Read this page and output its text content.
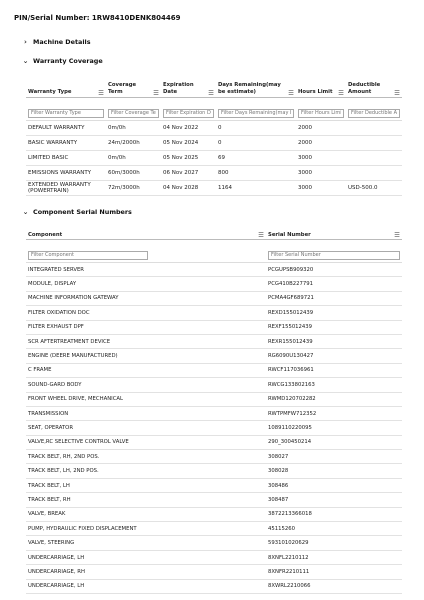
PIN/Serial Number: 1RW8410DENK804469
› Machine Details
⌄ Warranty Coverage
Warranty Type ☰	Coverage Term ☰	Expiration Date ☰	Days Remaining(may be estimate) ☰	Hours Limit ☰	Deductible Amount ☰

Filter Warranty Type	Filter Coverage Term	Filter Expiration Date	Filter Days Remaining(may be estimate)	Filter Hours Limit	Filter Deductible Amount
DEFAULT WARRANTY	0m/0h	04 Nov 2022	0	2000	
BASIC WARRANTY	24m/2000h	05 Nov 2024	0	2000	
LIMITED BASIC	0m/0h	05 Nov 2025	69	3000	
EMISSIONS WARRANTY	60m/3000h	06 Nov 2027	800	3000	
EXTENDED WARRANTY (POWERTRAIN)	72m/3000h	04 Nov 2028	1164	3000	USD-500.0
⌄ Component Serial Numbers
Component ☰	Serial Number ☰

Filter Component	Filter Serial Number
INTEGRATED SERVER	PCGUPSB909320
MODULE, DISPLAY	PCG410B227791
MACHINE INFORMATION GATEWAY	PCMA4GF689721
FILTER OXIDATION DOC	REXD155012439
FILTER EXHAUST DPF	REXF155012439
SCR AFTERTREATMENT DEVICE	REXR155012439
ENGINE (DEERE MANUFACTURED)	RG6090U130427
C FRAME	RWCF117036961
SOUND-GARD BODY	RWCG133802163
FRONT WHEEL DRIVE, MECHANICAL	RWMD120702282
TRANSMISSION	RWTPMFW712352
SEAT, OPERATOR	1089110220095
VALVE,RC SELECTIVE CONTROL VALVE	290_300450214
TRACK BELT, RH, 2ND POS.	308027
TRACK BELT, LH, 2ND POS.	308028
TRACK BELT, LH	308486
TRACK BELT, RH	308487
VALVE, BREAK	3872213366018
PUMP, HYDRAULIC FIXED DISPLACEMENT	45115260
VALVE, STEERING	593101020629
UNDERCARRIAGE, LH	8XNFL2210112
UNDERCARRIAGE, RH	8XNFR2210111
UNDERCARRIAGE, LH	8XWRL2210066
